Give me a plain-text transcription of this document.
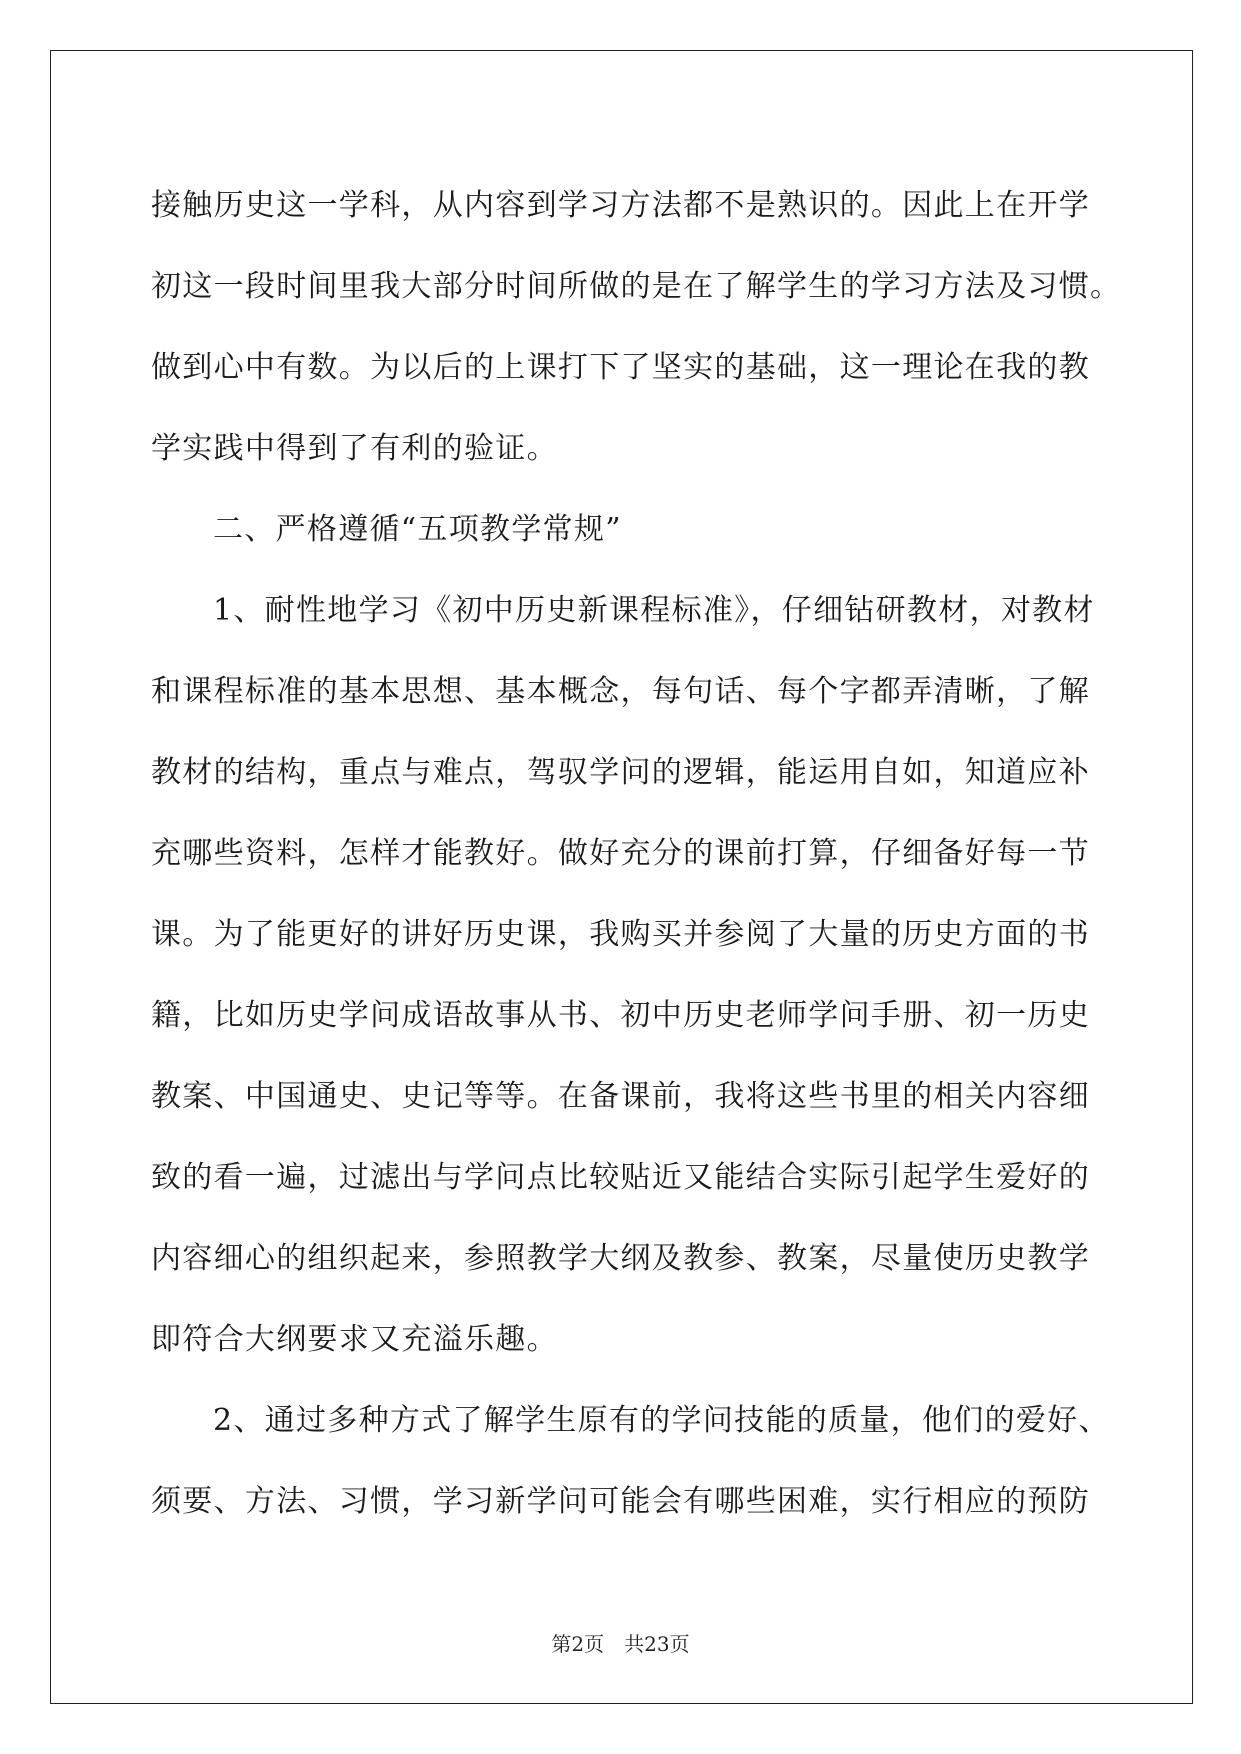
接触历史这一学科，从内容到学习方法都不是熟识的。因此上在开学
初这一段时间里我大部分时间所做的是在了解学生的学习方法及习惯。
做到心中有数。为以后的上课打下了坚实的基础，这一理论在我的教
学实践中得到了有利的验证。
二、严格遵循“五项教学常规”
1、耐性地学习《初中历史新课程标准》，仔细钻研教材，对教材
和课程标准的基本思想、基本概念，每句话、每个字都弄清晰，了解
教材的结构，重点与难点，驾驭学问的逻辑，能运用自如，知道应补
充哪些资料，怎样才能教好。做好充分的课前打算，仔细备好每一节
课。为了能更好的讲好历史课，我购买并参阅了大量的历史方面的书
籍，比如历史学问成语故事从书、初中历史老师学问手册、初一历史
教案、中国通史、史记等等。在备课前，我将这些书里的相关内容细
致的看一遍，过滤出与学问点比较贴近又能结合实际引起学生爱好的
内容细心的组织起来，参照教学大纲及教参、教案，尽量使历史教学
即符合大纲要求又充溢乐趣。
2、通过多种方式了解学生原有的学问技能的质量，他们的爱好、
须要、方法、习惯，学习新学问可能会有哪些困难，实行相应的预防
第2页　共23页
